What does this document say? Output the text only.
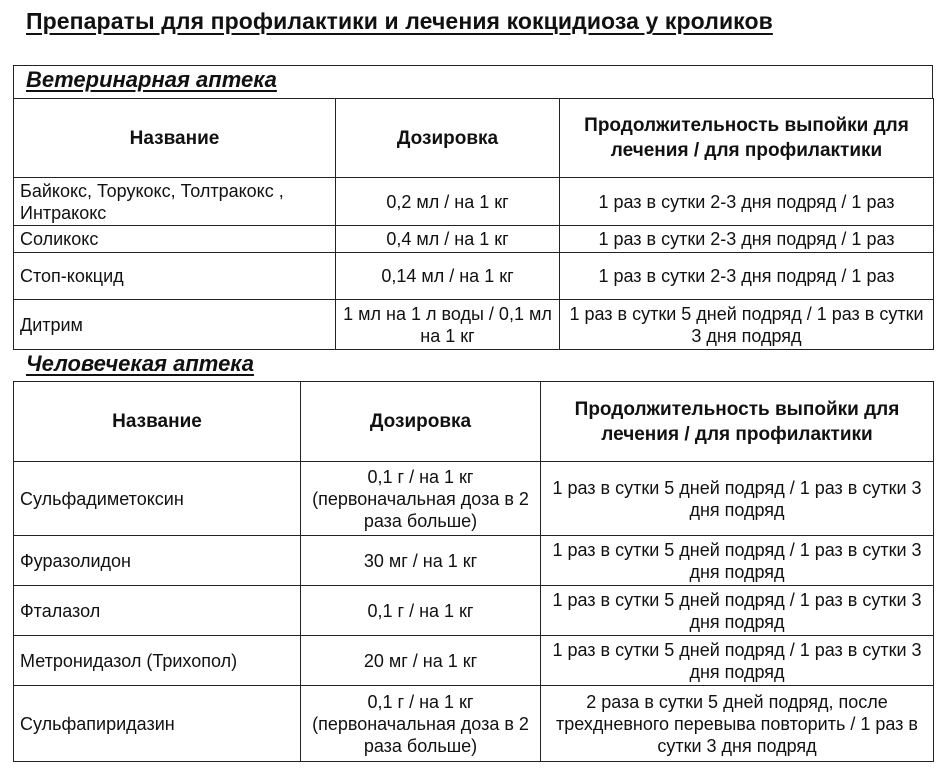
Препараты для профилактики и лечения кокцидиоза у кроликов
Ветеринарная аптека
Название	Дозировка	Продолжительность выпойки для лечения / для профилактики
Байкокс, Торукокс, Толтракокс , Интракокс	0,2 мл / на 1 кг	1 раз в сутки 2-3 дня подряд / 1 раз
Соликокс	0,4 мл / на 1 кг	1 раз в сутки 2-3 дня подряд / 1 раз
Стоп-кокцид	0,14 мл / на 1 кг	1 раз в сутки 2-3 дня подряд / 1 раз
Дитрим	1 мл на 1 л воды / 0,1 мл на 1 кг	1 раз в сутки 5 дней подряд / 1 раз в сутки 3 дня подряд
Человечекая аптека
Название	Дозировка	Продолжительность выпойки для лечения / для профилактики
Сульфадиметоксин	0,1 г / на 1 кг (первоначальная доза в 2 раза больше)	1 раз в сутки 5 дней подряд / 1 раз в сутки 3 дня подряд
Фуразолидон	30 мг / на 1 кг	1 раз в сутки 5 дней подряд / 1 раз в сутки 3 дня подряд
Фталазол	0,1 г / на 1 кг	1 раз в сутки 5 дней подряд / 1 раз в сутки 3 дня подряд
Метронидазол (Трихопол)	20 мг / на 1 кг	1 раз в сутки 5 дней подряд / 1 раз в сутки 3 дня подряд
Сульфапиридазин	0,1 г / на 1 кг (первоначальная доза в 2 раза больше)	2 раза в сутки 5 дней подряд, после трехдневного перевыва повторить / 1 раз в сутки 3 дня подряд
